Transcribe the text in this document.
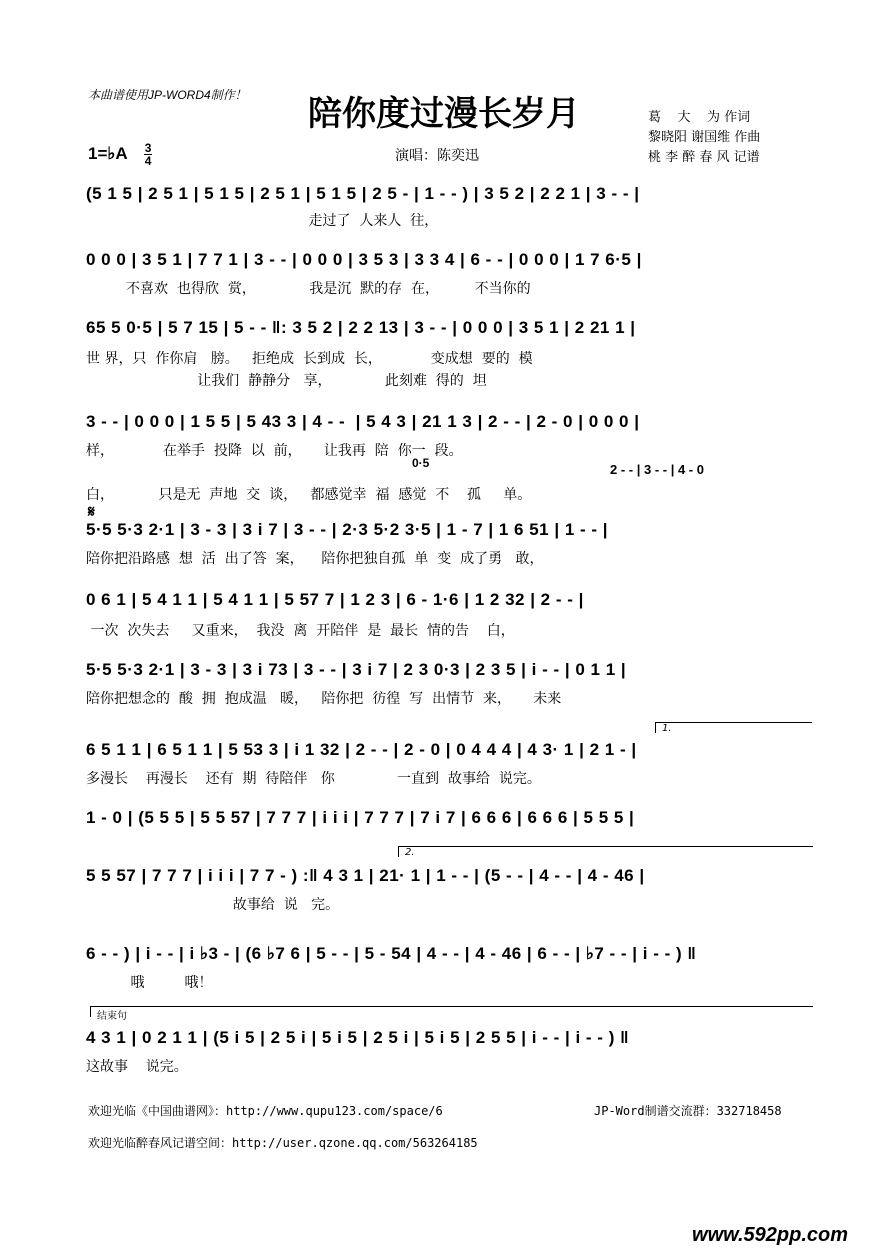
本曲谱使用JP-WORD4制作！	陪你度过漫长岁月	葛    大    为 作词
黎晓阳 谢国维 作曲
桃 李 醉 春 风 记谱
1=♭A $\frac{3}{4}$	演唱：陈奕迅
(5 1 5 | 2 5 1 | 5 1 5 | 2 5 1 | 5 1 5 | 2 5 - | 1 - - ) | 3 5 2 | 2 2 1 | 3 - - |
走过了  人来人  往，
0 0 0 | 3 5 1 | 7 7 1 | 3 - - | 0 0 0 | 3 5 3 | 3 3 4 | 6 - - | 0 0 0 | 1 7 6·5 |
不喜欢  也得欣  赏，            我是沉  默的存  在，        不当你的
65 5 0·5 | 5 7 15 | 5 - - ‖: 3 5 2 | 2 2 13 | 3 - - | 0 0 0 | 3 5 1 | 2 21 1 |
世 界，只  作你肩   膀。   拒绝成  长到成  长，           变成想  要的  模
让我们  静静分   享，            此刻难  得的  坦
3 - - | 0 0 0 | 1 5 5 | 5 43 3 | 4 - -  | 5 4 3 | 21 1 3 | 2 - - | 2 - 0 | 0 0 0 |
样，           在举手  投降  以  前，     让我再  陪  你一  段。
0·5	2 - - | 3 - - | 4 - 0
白，          只是无  声地  交  谈，   都感觉幸  福  感觉  不    孤     单。
𝄋
5·5 5·3 2·1 | 3 - 3 | 3 i 7 | 3 - - | 2·3 5·2 3·5 | 1 - 7 | 1 6 51 | 1 - - |
陪你把沿路感  想  活  出了答  案，    陪你把独自孤  单  变  成了勇   敢，
0 6 1 | 5 4 1 1 | 5 4 1 1 | 5 57 7 | 1 2 3 | 6 - 1·6 | 1 2 32 | 2 - - |
一次  次失去     又重来，  我没  离  开陪伴  是  最长  情的告    白，
5·5 5·3 2·1 | 3 - 3 | 3 i 73 | 3 - - | 3 i 7 | 2 3 0·3 | 2 3 5 | i - - | 0 1 1 |
陪你把想念的  酸  拥  抱成温   暖，   陪你把  彷徨  写  出情节  来，     未来
1.
6 5 1 1 | 6 5 1 1 | 5 53 3 | i 1 32 | 2 - - | 2 - 0 | 0 4 4 4 | 4 3· 1 | 2 1 - |
多漫长    再漫长    还有  期  待陪伴   你              一直到  故事给  说完。
1 - 0 | (5 5 5 | 5 5 57 | 7 7 7 | i i i | 7 7 7 | 7 i 7 | 6 6 6 | 6 6 6 | 5 5 5 |
2.
5 5 57 | 7 7 7 | i i i | 7 7 - ) :‖ 4 3 1 | 21· 1 | 1 - - | (5 - - | 4 - - | 4 - 46 |
故事给  说   完。
6 - - ) | i - - | i ♭3 - | (6 ♭7 6 | 5 - - | 5 - 54 | 4 - - | 4 - 46 | 6 - - | ♭7 - - | i - - ) ‖
哦         哦！
结束句
4 3 1 | 0 2 1 1 | (5 i 5 | 2 5 i | 5 i 5 | 2 5 i | 5 i 5 | 2 5 5 | i - - | i - - ) ‖
这故事    说完。
欢迎光临《中国曲谱网》：http://www.qupu123.com/space/6	JP-Word制谱交流群：332718458
欢迎光临醉春风记谱空间：http://user.qzone.qq.com/563264185
www.592pp.com
